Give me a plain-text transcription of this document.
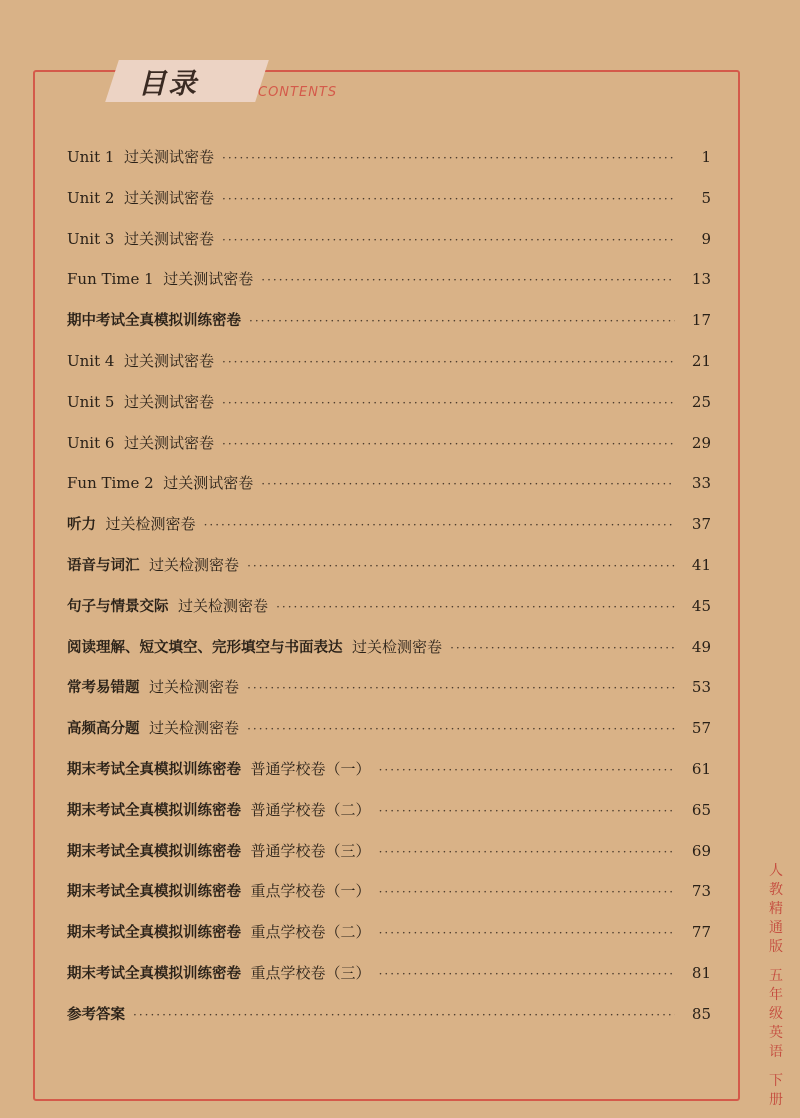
目录	CONTENTS
Unit 1 过关测试密卷 ·····	1
Unit 2 过关测试密卷 ·····	5
Unit 3 过关测试密卷 ·····	9
Fun Time 1 过关测试密卷 ·····	13
期中考试全真模拟训练密卷 ·····	17
Unit 4 过关测试密卷 ·····	21
Unit 5 过关测试密卷 ·····	25
Unit 6 过关测试密卷 ·····	29
Fun Time 2 过关测试密卷 ·····	33
听力 过关检测密卷 ·····	37
语音与词汇 过关检测密卷 ·····	41
句子与情景交际 过关检测密卷 ·····	45
阅读理解、短文填空、完形填空与书面表达 过关检测密卷 ·····	49
常考易错题 过关检测密卷 ·····	53
高频高分题 过关检测密卷 ·····	57
期末考试全真模拟训练密卷 普通学校卷（一） ·····	61
期末考试全真模拟训练密卷 普通学校卷（二） ·····	65
期末考试全真模拟训练密卷 普通学校卷（三） ·····	69
期末考试全真模拟训练密卷 重点学校卷（一） ·····	73
期末考试全真模拟训练密卷 重点学校卷（二） ·····	77
期末考试全真模拟训练密卷 重点学校卷（三） ·····	81
参考答案 ·····	85
人
教
精
通
版
五
年
级
英
语
下
册
